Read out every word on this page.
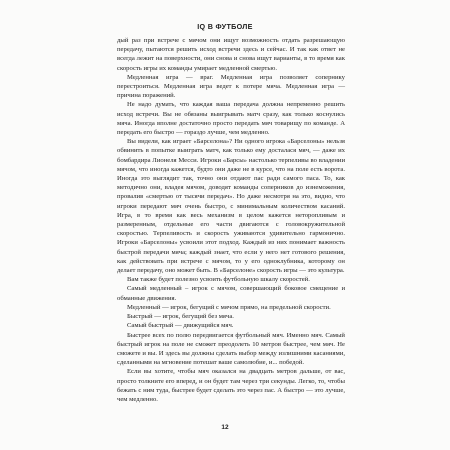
IQ В ФУТБОЛЕ

дый раз при встрече с мячом они ищут возможность отдать разрешающую передачу, пытаются решить исход встречи здесь и сейчас. И так как ответ не всегда лежит на поверхности, они снова и снова ищут варианты, в то время как скорость игры их команды умирает медленной смертью.

Медленная игра — враг. Медленная игра позволяет сопернику перестроиться. Медленная игра ведет к потере мяча. Медленная игра — причина поражений.

Не надо думать, что каждая ваша передача должна непременно решить исход встречи. Вы не обязаны выигрывать матч сразу, как только коснулись мяча. Иногда вполне достаточно просто передать мяч товарищу по команде. А передать его быстро — гораздо лучше, чем медленно.

Вы видели, как играет «Барселона»? Ни одного игрока «Барселоны» нельзя обвинить в попытке выиграть матч, как только ему досталася мяч, — даже их бомбардира Лионеля Месси. Игроки «Барсы» настолько терпеливы во владении мячом, что иногда кажется, будто они даже не в курсе, что на поле есть ворота. Иногда это выглядит так, точно они отдают пас ради самого паса. То, как методично они, владея мячом, доводят команды соперников до изнеможения, провалив «смертью от тысячи передач». Но даже несмотря на это, видно, что игроки передают мяч очень быстро, с минимальным количеством касаний. Игра, в то время как весь механизм в целом кажется неторопливым и размеренным, отдельные его части двигаются с головокружительной скоростью. Терпеливость и скорость уживаются удивительно гармонично. Игроки «Барселоны» усвоили этот подход. Каждый из них понимает важность быстрой передачи мяча; каждый знает, что если у него нет готового решения, как действовать при встрече с мячом, то у его одноклубника, которому он делает передачу, оно может быть. В «Барселоне» скорость игры — это культура.

Вам также будет полезно усвоить футбольную шкалу скоростей.

Самый медленный – игрок с мячом, совершающий боковое смещение и обманные движения.

Медленный — игрок, бегущий с мячом прямо, на предельной скорости.

Быстрый — игрок, бегущий без мяча.

Самый быстрый — движущийся мяч.

Быстрее всех по полю передвигается футбольный мяч. Именно мяч. Самый быстрый игрок на поле не сможет преодолеть 10 метров быстрее, чем мяч. Не сможете и вы. И здесь вы должны сделать выбор между излишними касаниями, сделанными на мгновение потешат ваше самолюбие, и... победой.

Если вы хотите, чтобы мяч оказался на двадцать метров дальше, от вас, просто толкните его вперед, и он будет там через три секунды. Легко, то, чтобы бежать с ним туда, быстрее будет сделать это через пас. А быстро — это лучше, чем медленно.

12
